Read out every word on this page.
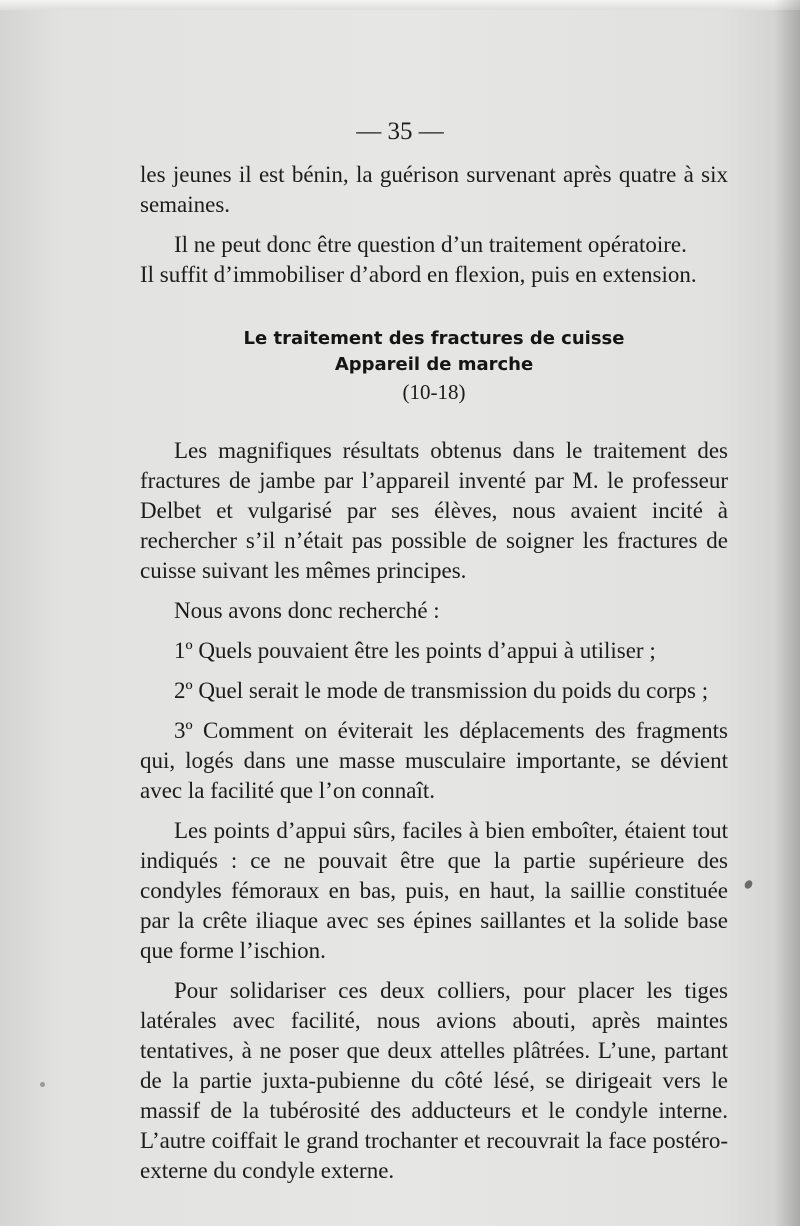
— 35 —

les jeunes il est bénin, la guérison survenant après quatre à six semaines.

Il ne peut donc être question d’un traitement opératoire.

Il suffit d’immobiliser d’abord en flexion, puis en extension.

Le traitement des fractures de cuisse
Appareil de marche
(10-18)

Les magnifiques résultats obtenus dans le traitement des fractures de jambe par l’appareil inventé par M. le professeur Delbet et vulgarisé par ses élèves, nous avaient incité à rechercher s’il n’était pas possible de soigner les fractures de cuisse suivant les mêmes principes.

Nous avons donc recherché :

1º Quels pouvaient être les points d’appui à utiliser ;

2º Quel serait le mode de transmission du poids du corps ;

3º Comment on éviterait les déplacements des fragments qui, logés dans une masse musculaire importante, se dévient avec la facilité que l’on connaît.

Les points d’appui sûrs, faciles à bien emboîter, étaient tout indiqués : ce ne pouvait être que la partie supérieure des condyles fémoraux en bas, puis, en haut, la saillie constituée par la crête iliaque avec ses épines saillantes et la solide base que forme l’ischion.

Pour solidariser ces deux colliers, pour placer les tiges latérales avec facilité, nous avions abouti, après maintes tentatives, à ne poser que deux attelles plâtrées. L’une, partant de la partie juxta-pubienne du côté lésé, se dirigeait vers le massif de la tubérosité des adducteurs et le condyle interne. L’autre coiffait le grand trochanter et recouvrait la face postéro-externe du condyle externe.
